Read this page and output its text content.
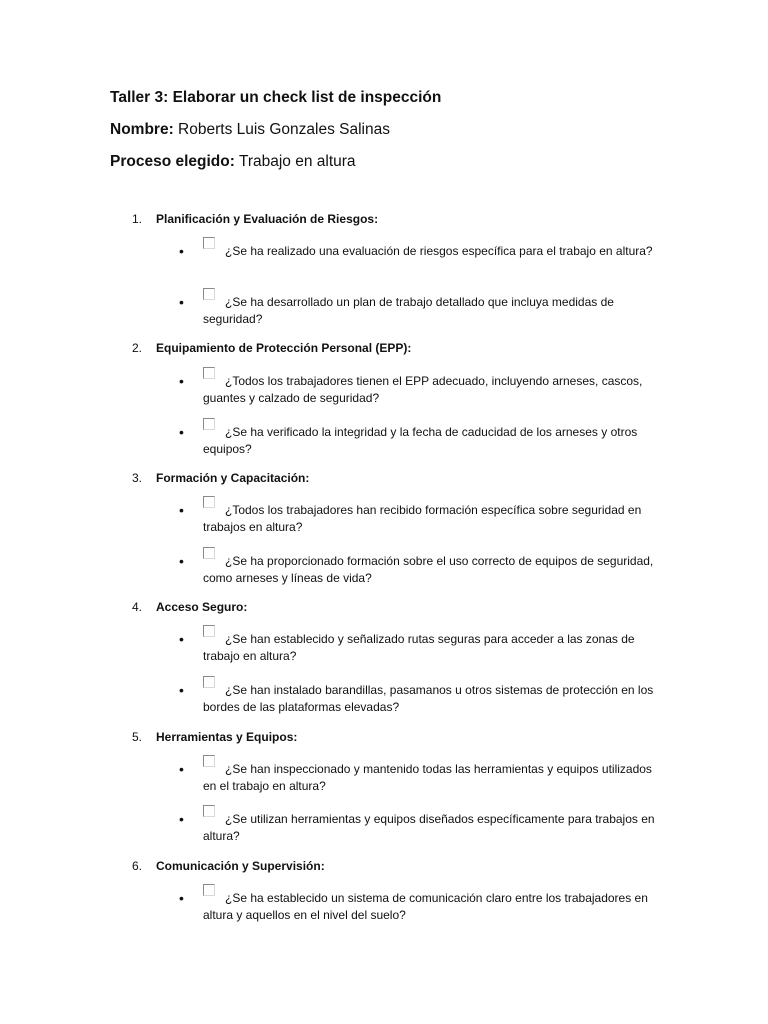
Taller 3: Elaborar un check list de inspección
Nombre: Roberts Luis Gonzales Salinas
Proceso elegido: Trabajo en altura
1. Planificación y Evaluación de Riesgos:
•	¿Se ha realizado una evaluación de riesgos específica para el trabajo en altura?
•	¿Se ha desarrollado un plan de trabajo detallado que incluya medidas de seguridad?
2. Equipamiento de Protección Personal (EPP):
•	¿Todos los trabajadores tienen el EPP adecuado, incluyendo arneses, cascos, guantes y calzado de seguridad?
•	¿Se ha verificado la integridad y la fecha de caducidad de los arneses y otros equipos?
3. Formación y Capacitación:
•	¿Todos los trabajadores han recibido formación específica sobre seguridad en trabajos en altura?
•	¿Se ha proporcionado formación sobre el uso correcto de equipos de seguridad, como arneses y líneas de vida?
4. Acceso Seguro:
•	¿Se han establecido y señalizado rutas seguras para acceder a las zonas de trabajo en altura?
•	¿Se han instalado barandillas, pasamanos u otros sistemas de protección en los bordes de las plataformas elevadas?
5. Herramientas y Equipos:
•	¿Se han inspeccionado y mantenido todas las herramientas y equipos utilizados en el trabajo en altura?
•	¿Se utilizan herramientas y equipos diseñados específicamente para trabajos en altura?
6. Comunicación y Supervisión:
•	¿Se ha establecido un sistema de comunicación claro entre los trabajadores en altura y aquellos en el nivel del suelo?
